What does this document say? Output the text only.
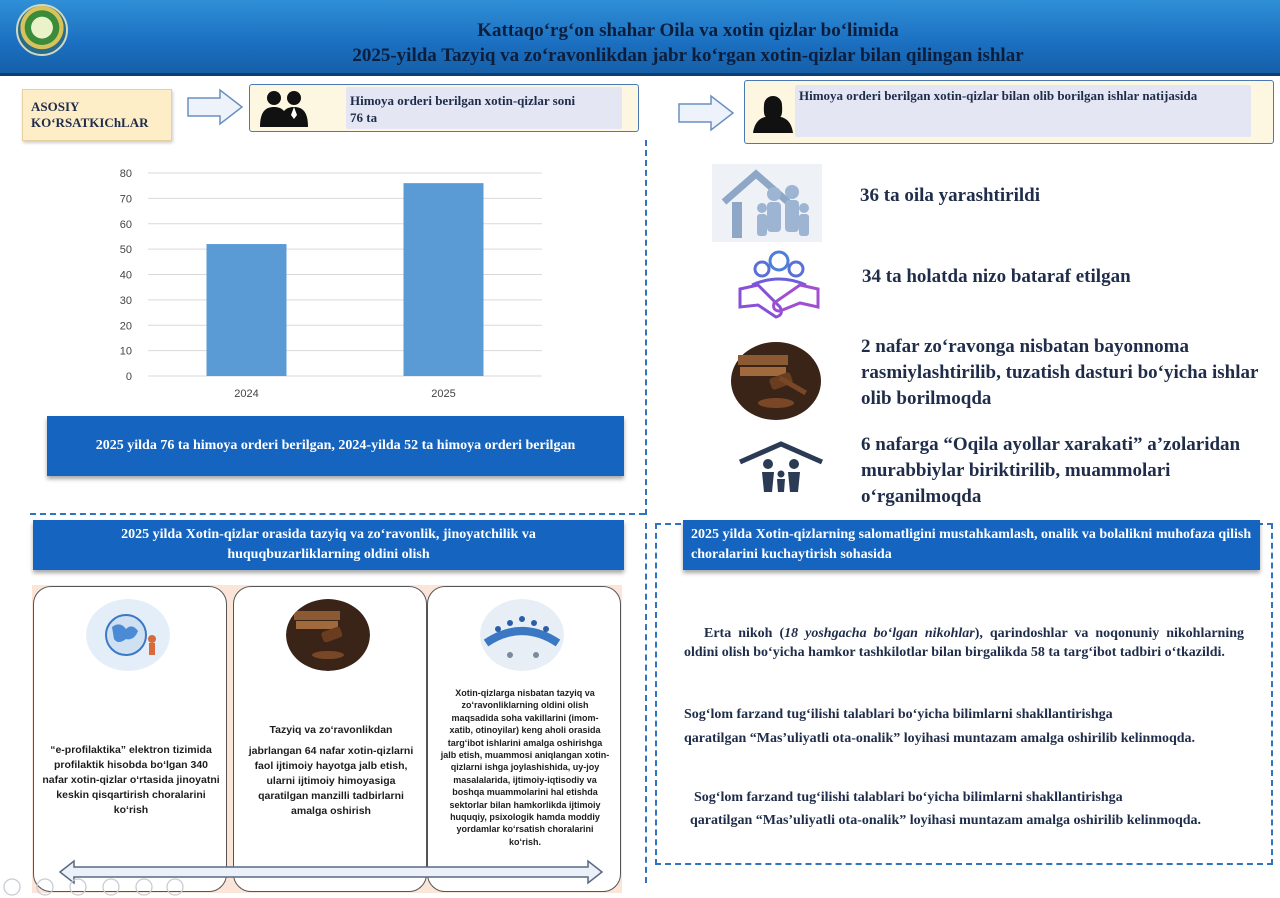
Kattaqoʻrgʻon shahar Oila va xotin qizlar boʻlimida
2025-yilda Tazyiq va zoʻravonlikdan jabr koʻrgan xotin-qizlar bilan qilingan ishlar
ASOSIY KOʻRSATKIChLAR
Himoya orderi berilgan xotin-qizlar soni
76 ta
Himoya orderi berilgan xotin-qizlar bilan olib borilgan ishlar natijasida
0
10
20
30
40
50
60
70
80
2024	2025
2025 yilda 76 ta himoya orderi berilgan, 2024-yilda 52 ta himoya orderi berilgan
36 ta oila yarashtirildi
34 ta holatda nizo bataraf etilgan
2 nafar zoʻravonga nisbatan bayonnoma rasmiylashtirilib, tuzatish dasturi boʻyicha ishlar olib borilmoqda
6 nafarga “Oqila ayollar xarakati” a’zolaridan murabbiylar biriktirilib, muammolari oʻrganilmoqda
2025 yilda Xotin-qizlar orasida tazyiq va zoʻravonlik, jinoyatchilik va huquqbuzarliklarning oldini olish
“e-profilaktika” elektron tizimida profilaktik hisobda boʻlgan 340 nafar xotin-qizlar oʻrtasida jinoyatni keskin qisqartirish choralarini koʻrish
Tazyiq va zoʻravonlikdan
jabrlangan 64 nafar xotin-qizlarni faol ijtimoiy hayotga jalb etish, ularni ijtimoiy himoyasiga qaratilgan manzilli tadbirlarni amalga oshirish
Xotin-qizlarga nisbatan tazyiq va zoʻravonliklarning oldini olish maqsadida soha vakillarini (imom-xatib, otinoyilar) keng aholi orasida targʻibot ishlarini amalga oshirishga jalb etish, muammosi aniqlangan xotin-qizlarni ishga joylashishida, uy-joy masalalarida, ijtimoiy-iqtisodiy va boshqa muammolarini hal etishda sektorlar bilan hamkorlikda ijtimoiy huquqiy, psixologik hamda moddiy yordamlar koʻrsatish choralarini koʻrish.
2025 yilda Xotin-qizlarning salomatligini mustahkamlash, onalik va bolalikni muhofaza qilish choralarini kuchaytirish sohasida
Erta nikoh (18 yoshgacha boʻlgan nikohlar), qarindoshlar va noqonuniy nikohlarning oldini olish boʻyicha hamkor tashkilotlar bilan birgalikda 58 ta targʻibot tadbiri oʻtkazildi.
Sogʻlom farzand tugʻilishi talablari boʻyicha bilimlarni shakllantirishga
qaratilgan “Mas’uliyatli ota-onalik” loyihasi muntazam amalga oshirilib kelinmoqda.
Sogʻlom farzand tugʻilishi talablari boʻyicha bilimlarni shakllantirishga
qaratilgan “Mas’uliyatli ota-onalik” loyihasi muntazam amalga oshirilib kelinmoqda.
